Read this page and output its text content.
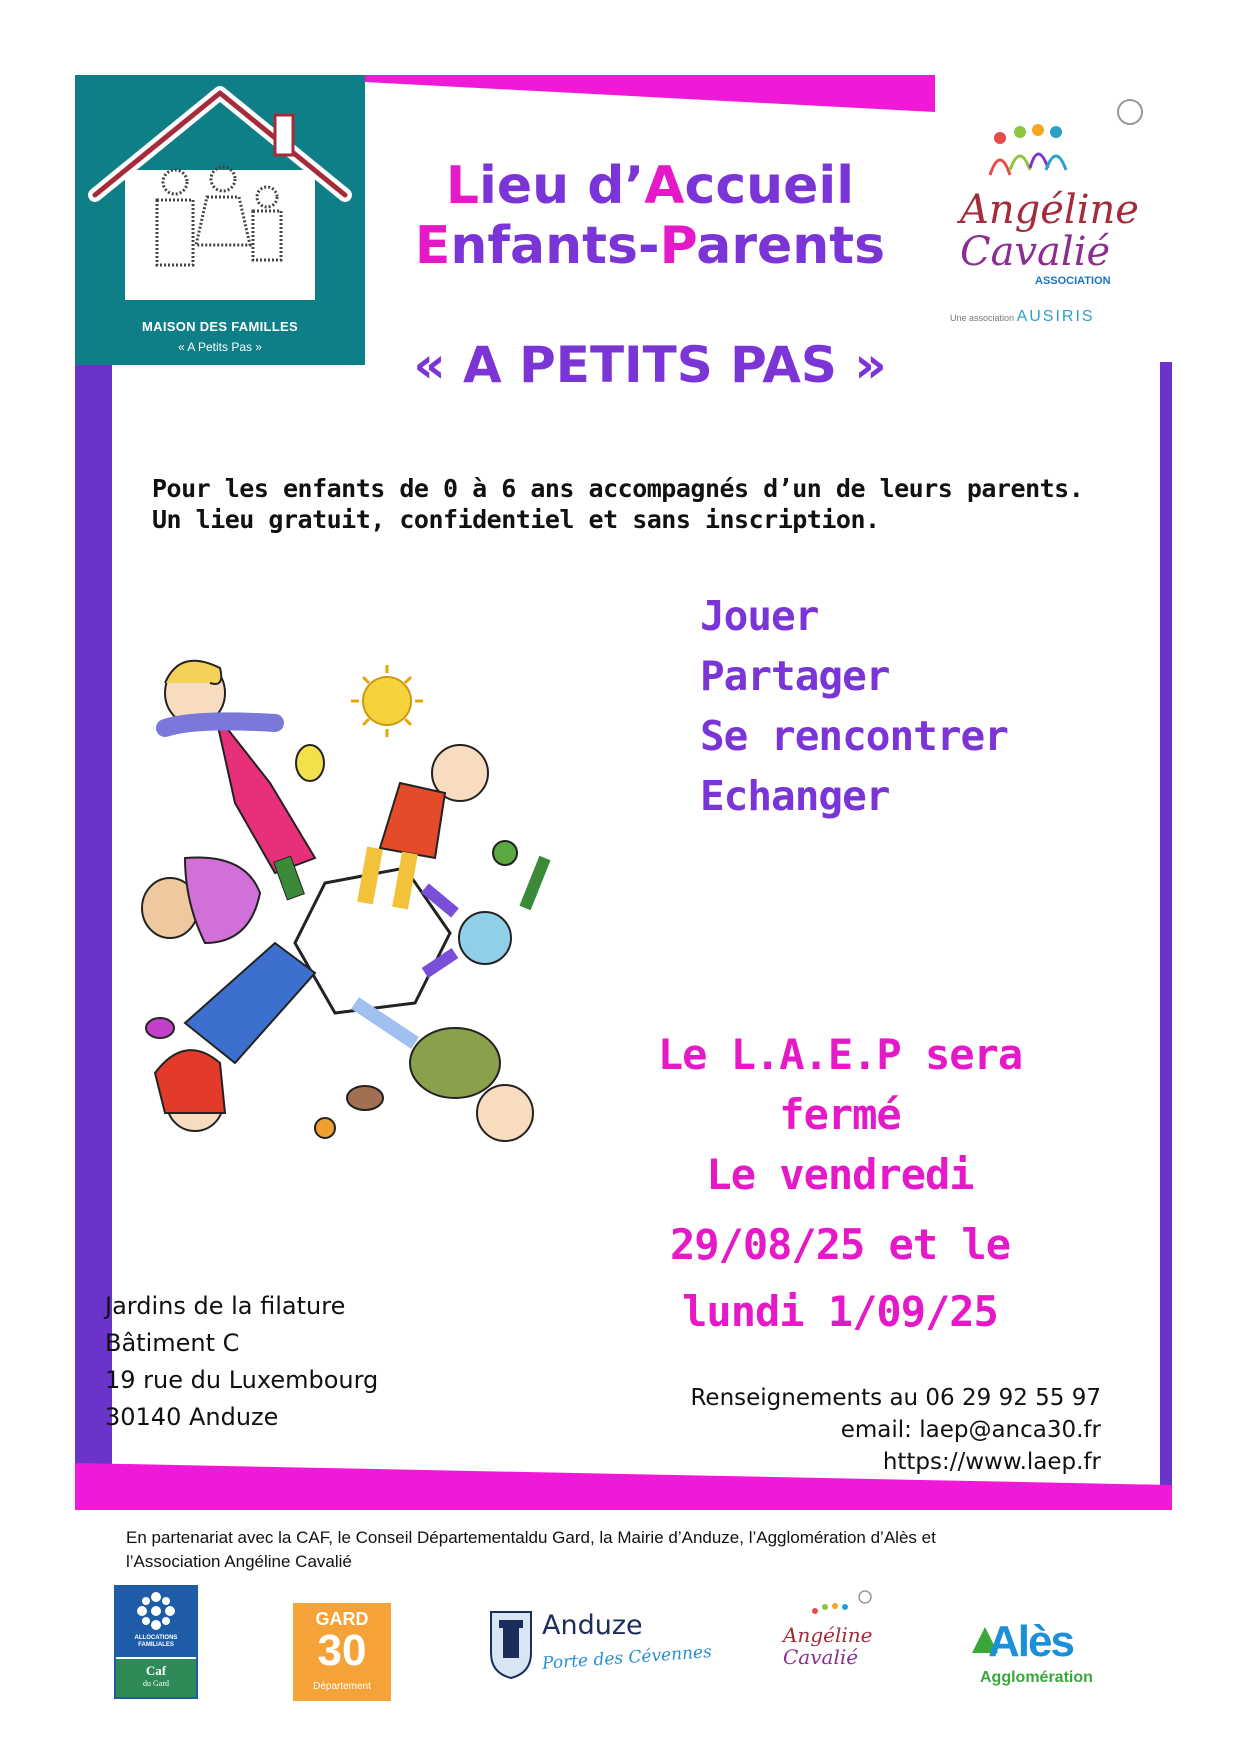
MAISON DES FAMILLES
« A Petits Pas »
Lieu d’Accueil
Enfants-Parents
« A PETITS PAS »
Angéline
Cavalié
ASSOCIATION
Une association AUSIRIS
Pour les enfants de 0 à 6 ans accompagnés d’un de leurs parents.
Un lieu gratuit, confidentiel et sans inscription.
Jouer
Partager
Se rencontrer
Echanger
Le L.A.E.P sera
fermé
Le vendredi
29/08/25 et le
lundi 1/09/25
Jardins de la filature
Bâtiment C
19 rue du Luxembourg
30140 Anduze
Renseignements au 06 29 92 55 97
email: laep@anca30.fr
https://www.laep.fr
En partenariat avec la CAF, le Conseil Départementaldu Gard, la Mairie d’Anduze, l’Agglomération d’Alès et
l’Association Angéline Cavalié
ALLOCATIONS
FAMILIALES
Caf
du Gard
GARD
30
Département
Anduze
Porte des Cévennes
Angéline
Cavalié	Alès
Agglomération
